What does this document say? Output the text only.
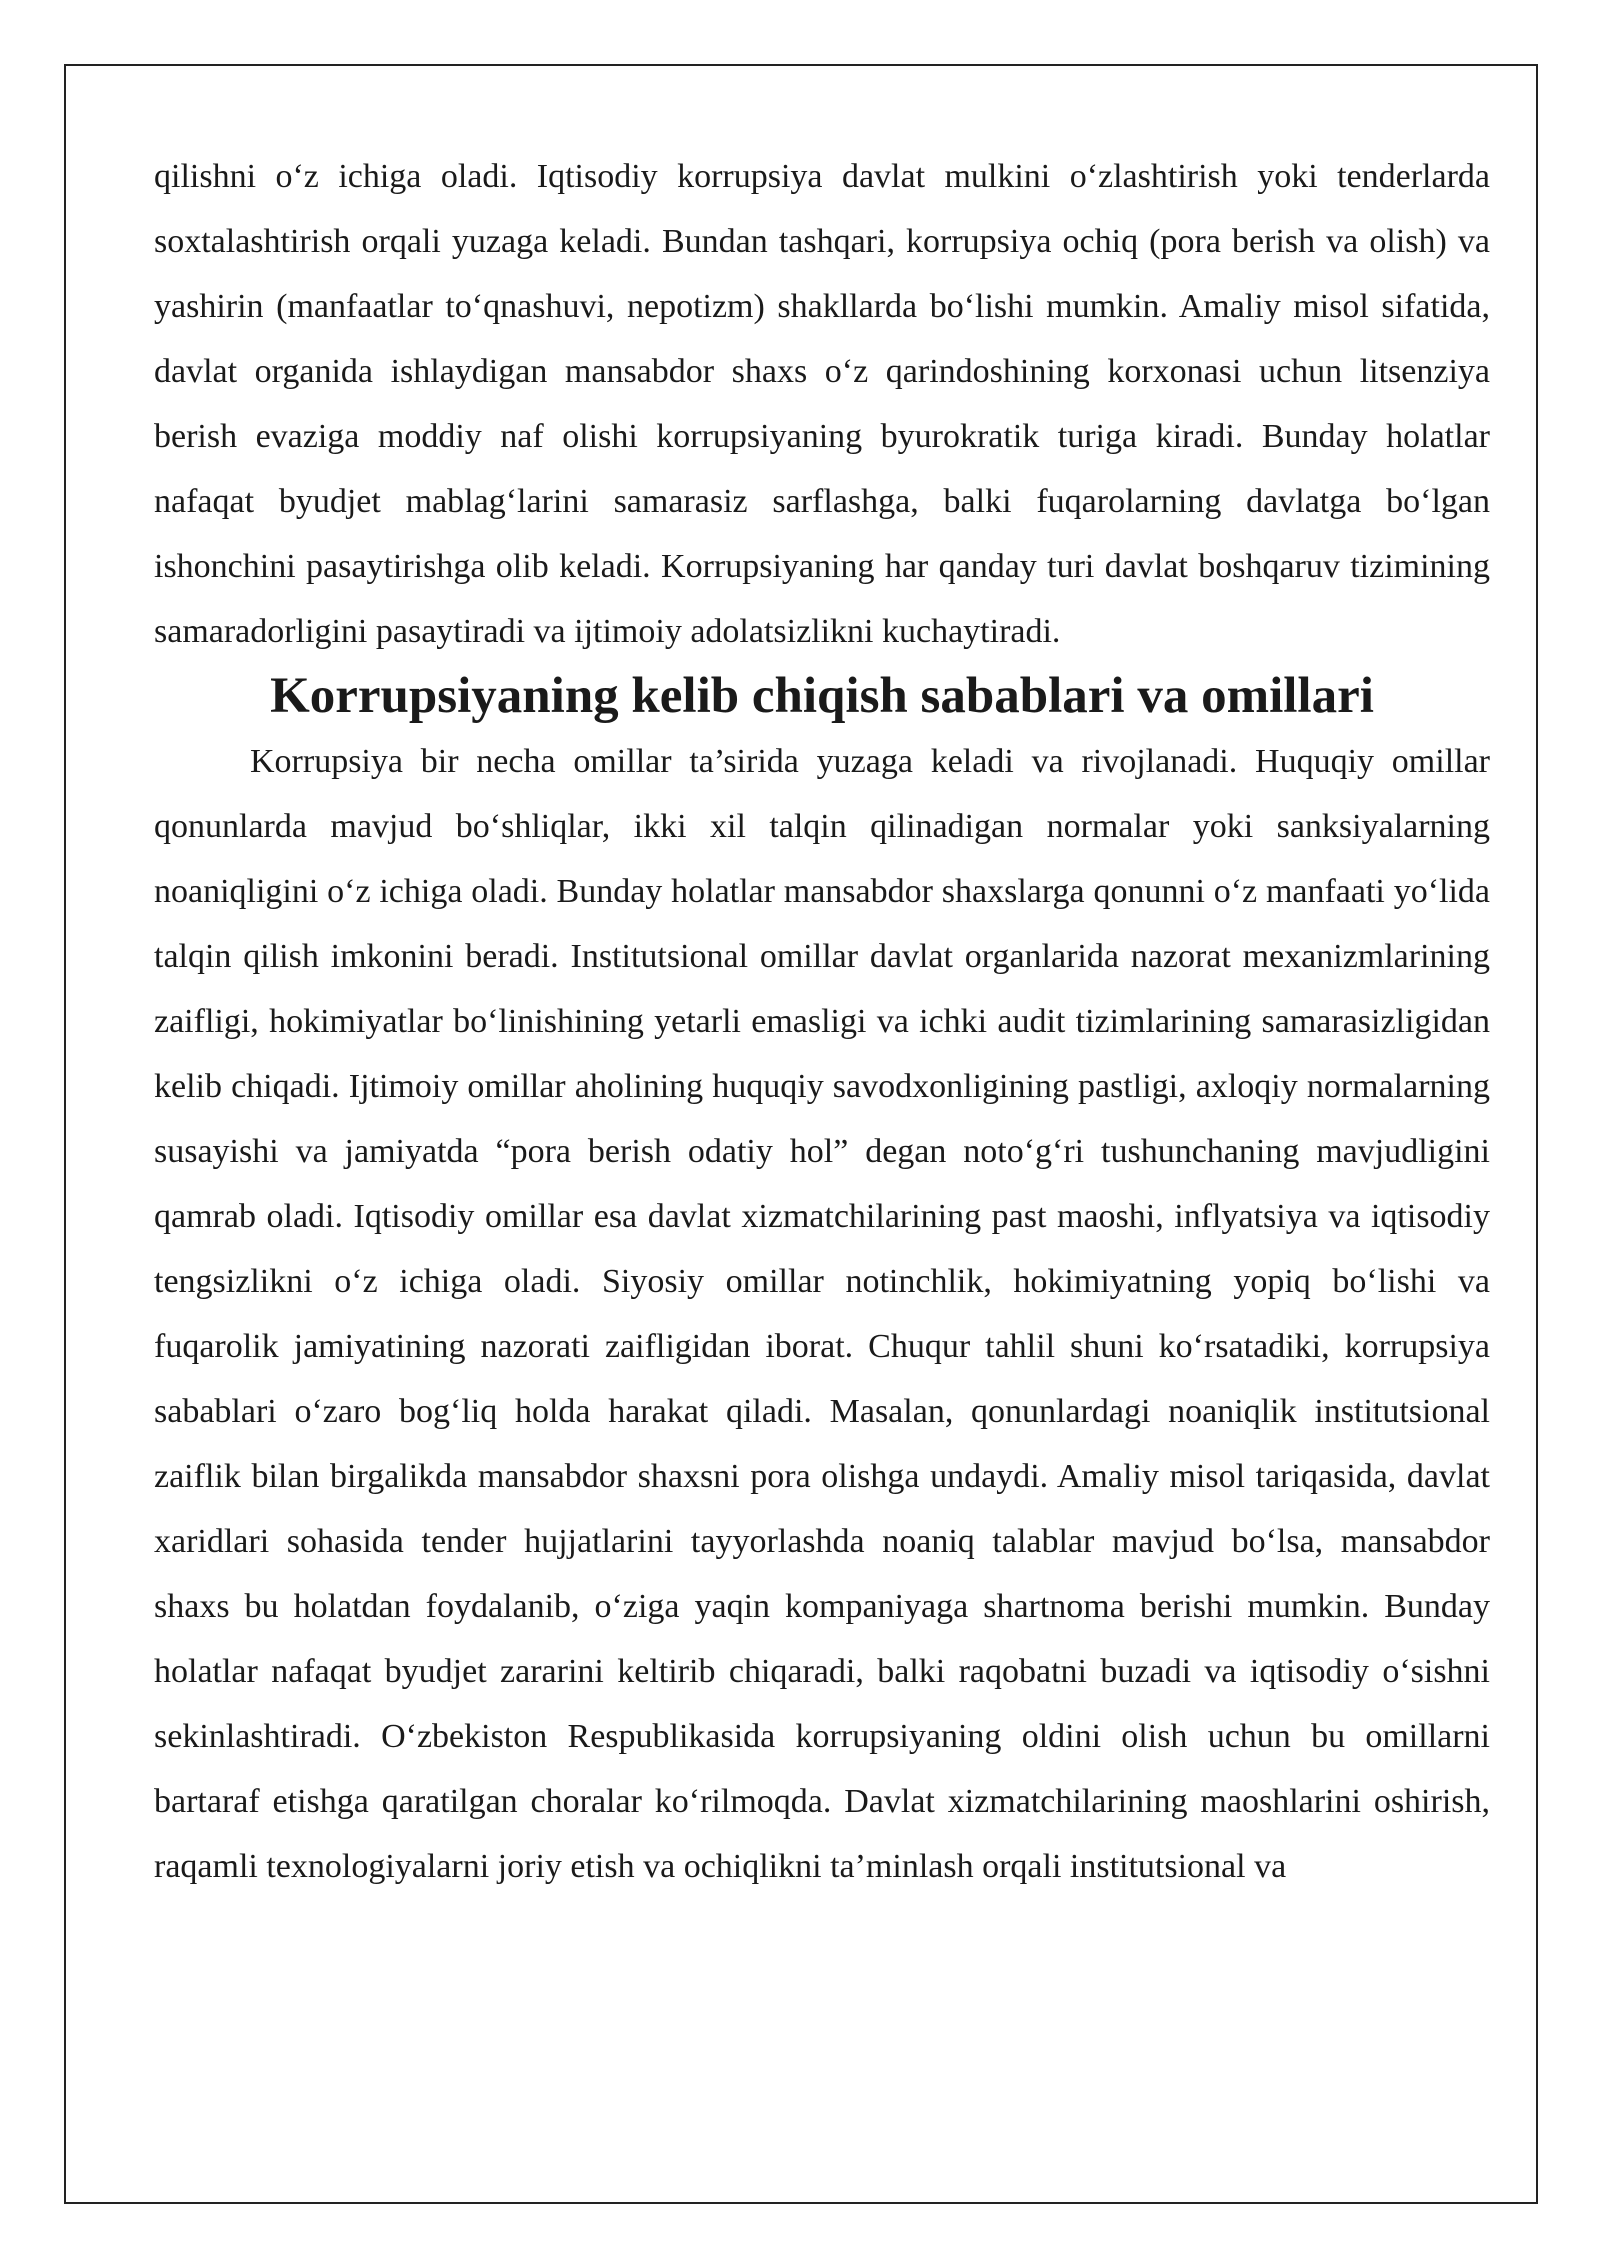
qilishni o‘z ichiga oladi. Iqtisodiy korrupsiya davlat mulkini o‘zlashtirish yoki tenderlarda soxtalashtirish orqali yuzaga keladi. Bundan tashqari, korrupsiya ochiq (pora berish va olish) va yashirin (manfaatlar to‘qnashuvi, nepotizm) shakllarda bo‘lishi mumkin. Amaliy misol sifatida, davlat organida ishlaydigan mansabdor shaxs o‘z qarindoshining korxonasi uchun litsenziya berish evaziga moddiy naf olishi korrupsiyaning byurokratik turiga kiradi. Bunday holatlar nafaqat byudjet mablag‘larini samarasiz sarflashga, balki fuqarolarning davlatga bo‘lgan ishonchini pasaytirishga olib keladi. Korrupsiyaning har qanday turi davlat boshqaruv tizimining samaradorligini pasaytiradi va ijtimoiy adolatsizlikni kuchaytiradi.

Korrupsiyaning kelib chiqish sabablari va omillari

Korrupsiya bir necha omillar ta’sirida yuzaga keladi va rivojlanadi. Huquqiy omillar qonunlarda mavjud bo‘shliqlar, ikki xil talqin qilinadigan normalar yoki sanksiyalarning noaniqligini o‘z ichiga oladi. Bunday holatlar mansabdor shaxslarga qonunni o‘z manfaati yo‘lida talqin qilish imkonini beradi. Institutsional omillar davlat organlarida nazorat mexanizmlarining zaifligi, hokimiyatlar bo‘linishining yetarli emasligi va ichki audit tizimlarining samarasizligidan kelib chiqadi. Ijtimoiy omillar aholining huquqiy savodxonligining pastligi, axloqiy normalarning susayishi va jamiyatda “pora berish odatiy hol” degan noto‘g‘ri tushunchaning mavjudligini qamrab oladi. Iqtisodiy omillar esa davlat xizmatchilarining past maoshi, inflyatsiya va iqtisodiy tengsizlikni o‘z ichiga oladi. Siyosiy omillar notinchlik, hokimiyatning yopiq bo‘lishi va fuqarolik jamiyatining nazorati zaifligidan iborat. Chuqur tahlil shuni ko‘rsatadiki, korrupsiya sabablari o‘zaro bog‘liq holda harakat qiladi. Masalan, qonunlardagi noaniqlik institutsional zaiflik bilan birgalikda mansabdor shaxsni pora olishga undaydi. Amaliy misol tariqasida, davlat xaridlari sohasida tender hujjatlarini tayyorlashda noaniq talablar mavjud bo‘lsa, mansabdor shaxs bu holatdan foydalanib, o‘ziga yaqin kompaniyaga shartnoma berishi mumkin. Bunday holatlar nafaqat byudjet zararini keltirib chiqaradi, balki raqobatni buzadi va iqtisodiy o‘sishni sekinlashtiradi. O‘zbekiston Respublikasida korrupsiyaning oldini olish uchun bu omillarni bartaraf etishga qaratilgan choralar ko‘rilmoqda. Davlat xizmatchilarining maoshlarini oshirish, raqamli texnologiyalarni joriy etish va ochiqlikni ta’minlash orqali institutsional va
